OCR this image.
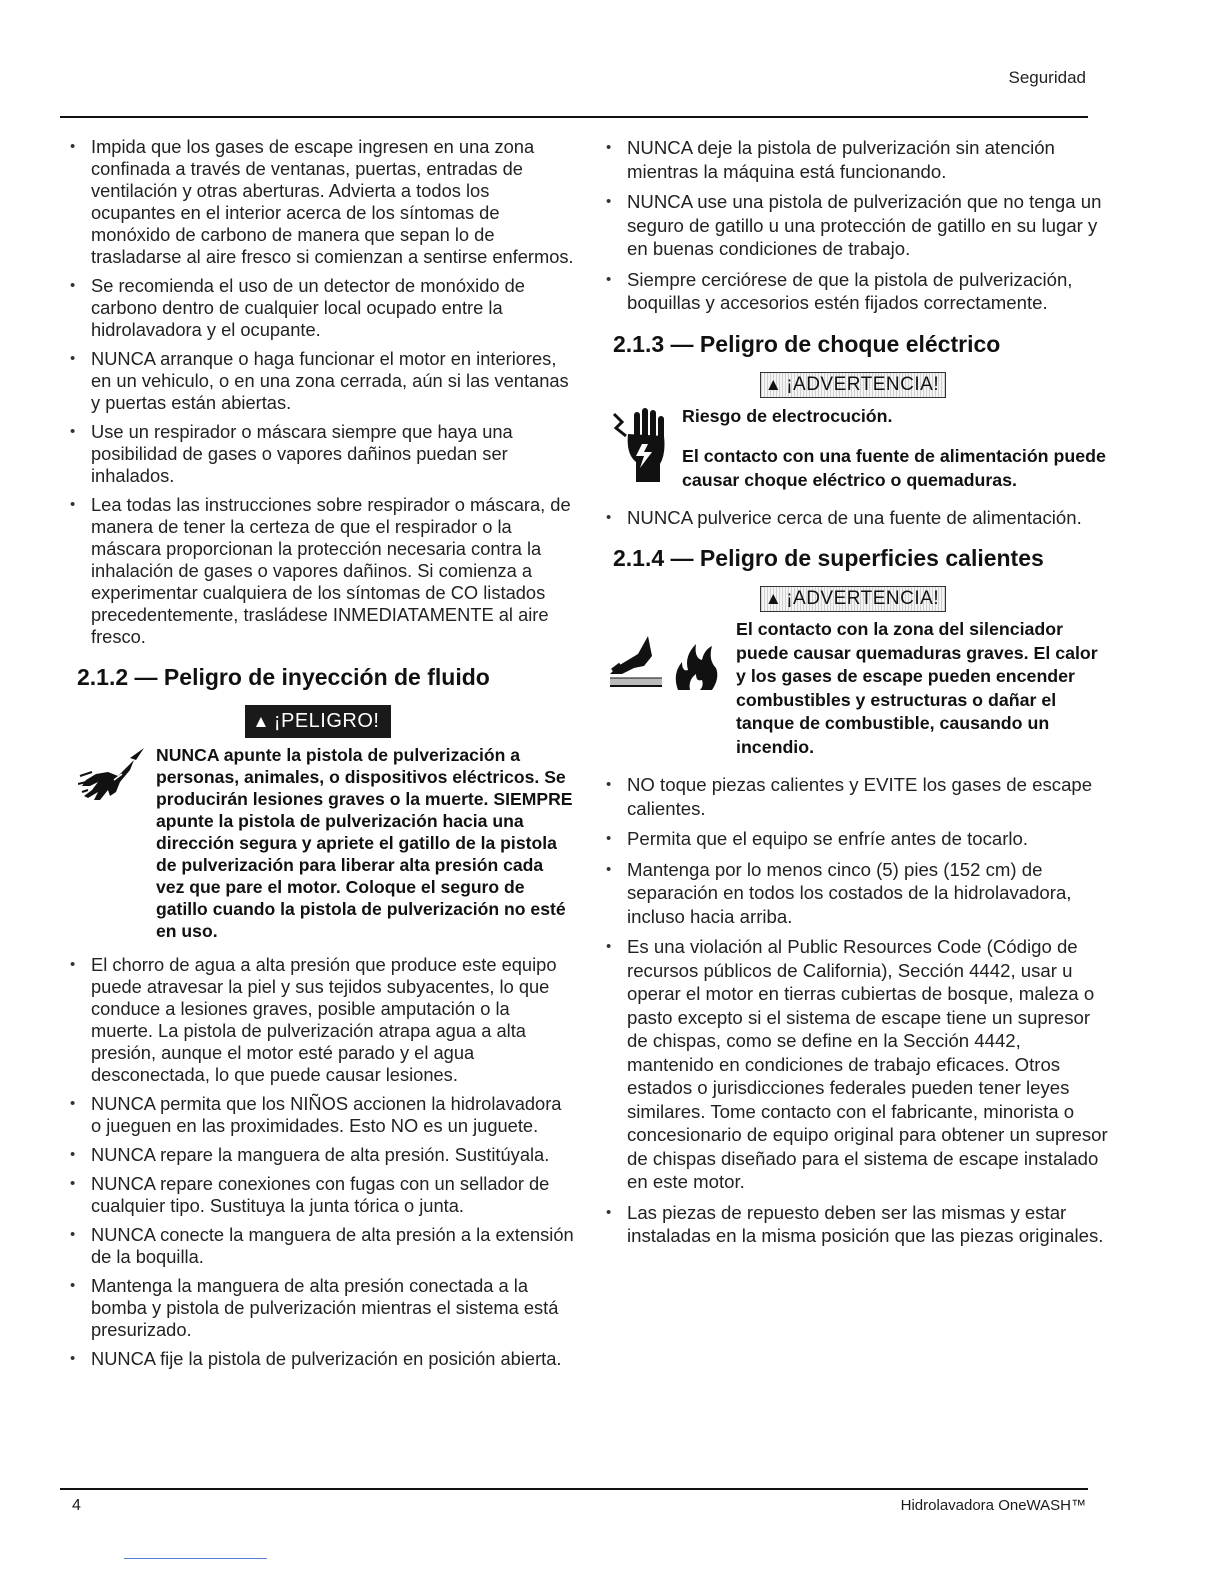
Seguridad
• Impida que los gases de escape ingresen en una zona confinada a través de ventanas, puertas, entradas de ventilación y otras aberturas. Advierta a todos los ocupantes en el interior acerca de los síntomas de monóxido de carbono de manera que sepan lo de trasladarse al aire fresco si comienzan a sentirse enfermos.
• Se recomienda el uso de un detector de monóxido de carbono dentro de cualquier local ocupado entre la hidrolavadora y el ocupante.
• NUNCA arranque o haga funcionar el motor en interiores, en un vehiculo, o en una zona cerrada, aún si las ventanas y puertas están abiertas.
• Use un respirador o máscara siempre que haya una posibilidad de gases o vapores dañinos puedan ser inhalados.
• Lea todas las instrucciones sobre respirador o máscara, de manera de tener la certeza de que el respirador o la máscara proporcionan la protección necesaria contra la inhalación de gases o vapores dañinos. Si comienza a experimentar cualquiera de los síntomas de CO listados precedentemente, trasládese INMEDIATAMENTE al aire fresco.
2.1.2 — Peligro de inyección de fluido
▲ ¡PELIGRO!

NUNCA apunte la pistola de pulverización a personas, animales, o dispositivos eléctricos. Se producirán lesiones graves o la muerte. SIEMPRE apunte la pistola de pulverización hacia una dirección segura y apriete el gatillo de la pistola de pulverización para liberar alta presión cada vez que pare el motor. Coloque el seguro de gatillo cuando la pistola de pulverización no esté en uso.

• El chorro de agua a alta presión que produce este equipo puede atravesar la piel y sus tejidos subyacentes, lo que conduce a lesiones graves, posible amputación o la muerte. La pistola de pulverización atrapa agua a alta presión, aunque el motor esté parado y el agua desconectada, lo que puede causar lesiones.
• NUNCA permita que los NIÑOS accionen la hidrolavadora o jueguen en las proximidades. Esto NO es un juguete.
• NUNCA repare la manguera de alta presión. Sustitúyala.
• NUNCA repare conexiones con fugas con un sellador de cualquier tipo. Sustituya la junta tórica o junta.
• NUNCA conecte la manguera de alta presión a la extensión de la boquilla.
• Mantenga la manguera de alta presión conectada a la bomba y pistola de pulverización mientras el sistema está presurizado.
• NUNCA fije la pistola de pulverización en posición abierta.
• NUNCA deje la pistola de pulverización sin atención mientras la máquina está funcionando.
• NUNCA use una pistola de pulverización que no tenga un seguro de gatillo u una protección de gatillo en su lugar y en buenas condiciones de trabajo.
• Siempre cerciórese de que la pistola de pulverización, boquillas y accesorios estén fijados correctamente.
2.1.3 — Peligro de choque eléctrico
▲ ¡ADVERTENCIA!

Riesgo de electrocución.

El contacto con una fuente de alimentación puede causar choque eléctrico o quemaduras.

• NUNCA pulverice cerca de una fuente de alimentación.
2.1.4 — Peligro de superficies calientes
▲ ¡ADVERTENCIA!

El contacto con la zona del silenciador puede causar quemaduras graves. El calor y los gases de escape pueden encender combustibles y estructuras o dañar el tanque de combustible, causando un incendio.

• NO toque piezas calientes y EVITE los gases de escape calientes.
• Permita que el equipo se enfríe antes de tocarlo.
• Mantenga por lo menos cinco (5) pies (152 cm) de separación en todos los costados de la hidrolavadora, incluso hacia arriba.
• Es una violación al Public Resources Code (Código de recursos públicos de California), Sección 4442, usar u operar el motor en tierras cubiertas de bosque, maleza o pasto excepto si el sistema de escape tiene un supresor de chispas, como se define en la Sección 4442, mantenido en condiciones de trabajo eficaces. Otros estados o jurisdicciones federales pueden tener leyes similares. Tome contacto con el fabricante, minorista o concesionario de equipo original para obtener un supresor de chispas diseñado para el sistema de escape instalado en este motor.
• Las piezas de repuesto deben ser las mismas y estar instaladas en la misma posición que las piezas originales.
4	Hidrolavadora OneWASH™
